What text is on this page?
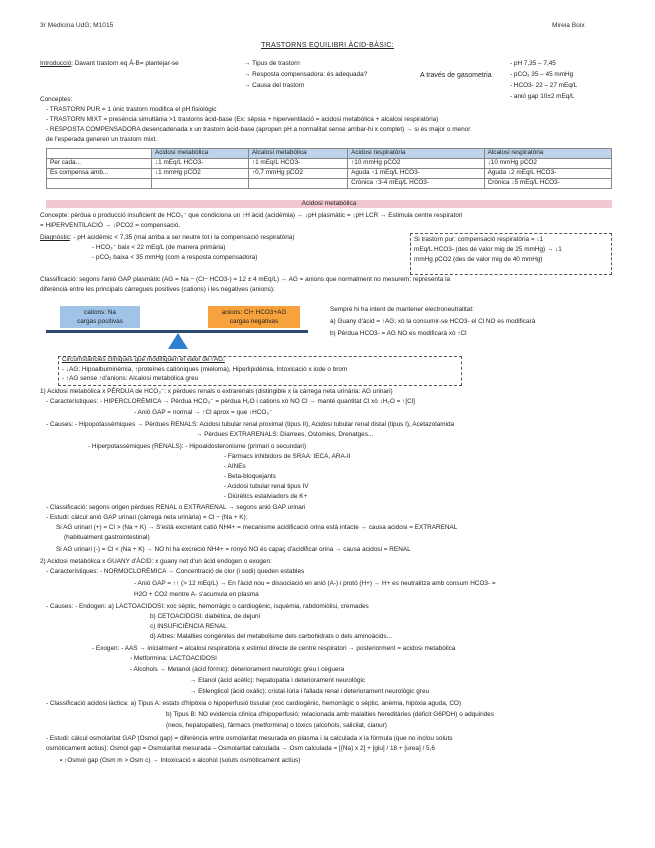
3r Medicina UdG; M1015	Mireia Boix
TRASTORNS EQUILIBRI ÀCID-BÀSIC:
Introducció: Davant trastorn eq Á-B= plantejar-se	→ Tipus de trastorn
→ Resposta compensadora: és adequada?
→ Causa del trastorn
A través de gasometria
- pH 7,35 – 7,45
- pCO₂ 35 – 45 mmHg
- HCO3- 22 – 27 mEq/L
- anió gap 10±2 mEq/L
Conceptes:
- TRASTORN PUR = 1 únic trastorn modifica el pH fisiològic
- TRASTORN MIXT = presència simultània >1 trastorns àcid-base (Ex: sèpsia + hiperventilació = acidosi metabòlica + alcalosi respiratòria)
- RESPOSTA COMPENSADORA desencadenada x un trastorn àcid-base (apropen pH a normalitat sense arribar-hi x complet) → si és major o menor
de l'esperada generen un trastorn mixt.
	Acidosi metabòlica	Alcalosi metabòlica	Acidosi respiratòria	Alcalosi respiratòria
Per cada...	↓1 mEq/L HCO3-	↑1 mEq/L HCO3-	↑10 mmHg pCO2	↓10 mmHg pCO2
Es compensa amb...	↓1 mmHg pCO2	↑0,7 mmHg pCO2	Aguda ↑1 mEq/L HCO3-	Aguda ↓2 mEq/L HCO3-
			Crònica ↑3-4 mEq/L HCO3-	Crònica ↓5 mEq/L HCO3-
Acidosi metabòlica
Concepte: pèrdua o producció insuficient de HCO₃⁻ que condiciona un ↑H àcid (acidèmia) → ↓pH plasmàtic = ↓pH LCR → Estimula centre respiratori
= HIPERVENTILACIÓ → ↓PCO2 = compensació.
Diagnòstic: - pH acidèmic < 7,35 (mai arriba a ser neutre tot i la compensació respiratòria)
- HCO₃⁻ baix < 22 mEq/L (de manera primària)
- pCO₂ baixa < 35 mmHg (com a resposta compensadora)
Si trastorn pur: compensació respiratòria = ↓1
mEq/L HCO3- (des de valor mig de 25 mmHg) → ↓1
mmHg pCO2 (des de valor mig de 40 mmHg)
Classificació: segons l'anió GAP plasmàtic (AG = Na − (Cl− HCO3-) = 12 ± 4 mEq/L) → AG = anions que normalment no mesurem; representa la
diferència entre les principals càrregues positives (cations) i les negatives (anions):
cations: Na
cargas positivas
anions: Cl+ HCO3+AG
cargas negativas
Sempre hi ha intent de mantener electroneutralitat:
a) Guany d'àcid = ↑AG; xò la consumir-se HCO3- el Cl NO es modificarà
b) Pèrdua HCO3- = AG NO es modificarà xò ↑Cl
Circumstàncies clíniques que modifiquen el valor de l'AG:
- ↓AG: Hipoalbuminèmia, ↑proteïnes catiòniques (mieloma), Hiperlipidèmia, Intoxicació x iode o brom
- ↑AG sense ↑d'anions: Alcalosi metabòlica greu
1) Acidosi metabòlica x PÈRDUA de HCO₃⁻: x pèrdues renals o extrarenals (distingible x la càrrega neta urinària: AG urinari)
- Característiques: - HIPERCLORÈMICA → Pèrdua HCO₃⁻ = pèrdua H₂O i cations xò NO Cl → manté quantitat Cl xò ↓H₂O = ↑[Cl]
- Anió GAP = normal → ↑Cl aprox = que ↓HCO₃⁻
- Causes: - Hipopotassèmiques → Pèrdues RENALS: Acidosi tubular renal proximal (tipus II), Acidosi tubular renal distal (tipus I), Acetazolamida
→ Pèrdues EXTRARENALS: Diarrees, Ostomies, Drenatges...
- Hiperpotassèmiques (RENALS): - Hipoaldosteronisme (primari o secundari)
- Fàrmacs inhibidors de SRAA: IECA, ARA-II
- AINEs
- Beta-bloquejants
- Acidosi tubular renal tipus IV
- Diürètics estalviadors de K+
- Classificació: segons origen pèrdues RENAL o EXTRARENAL → segons anió GAP urinari
- Estudi: càlcul anió GAP urinari (càrrega neta urinària) = Cl − (Na + K):
Si AG urinari (+) = Cl > (Na + K) → S'està excretant catió NH4+ = mecanisme acidificació orina està intacte → causa acidosi = EXTRARENAL
(habitualment gastrointestinal)
Si AG urinari (-) = Cl < (Na + K) → NO hi ha excreció NH4+ = ronyó NO és capaç d'acidificar orina → causa acidosi = RENAL
2) Acidosi metabòlica x GUANY d'ÀCID: x guany net d'un àcid endogen o exogen:
- Característiques: - NORMOCLORÈMICA → Concentració de clor (i sodi) queden estables
- Anió GAP = ↑↑ (> 12 mEq/L) → En l'àcid nou = dissociació en anió (A-) i protó (H+) → H+ es neutralitza amb consum HCO3- =
H2O + CO2 mentre A- s'acumula en plasma
- Causes: - Endogen: a) LACTOACIDOSI: xoc sèptic, hemorràgic o cardiogènic, isquèmia, rabdomiòlisi, cremades
b) CETOACIDOSI: diabètica, de dejuni
c) INSUFICIÈNCIA RENAL
d) Altres: Malalties congènites del metabolisme dels carbohidrats o dels aminoàcids...
- Exogen: - AAS → inicialment = alcalosi respiratòria x estimul directe de centre respiratori → posteriorment = acidosi metabòlica
- Metformina: LACTOACIDOSI
- Alcohols → Metanol (àcid fòrmic): deteriorament neurològic greu i ceguera
→ Etanol (àcid acètic): hepatopatia i deteriorament neurològic
→ Etilenglicol (àcid oxàlic): cristal·lúria i fallada renal i deteriorament neurològic greu
- Classificació acidosi làctica: a) Tipus A: estats d'hipòxia o hipoperfusió tissular (xoc cardiogènic, hemorràgic o sèptic, anèmia, hipòxia aguda, CO)
b) Tipus B: NO evidència clínica d'hipoperfusió; relacionada amb malalties hereditàries (dèficit G6PDH) o adquirides
(neos, hepatopaties), fàrmacs (metformina) o tòxics (alcohols, salicilat, cianur)
- Estudi: càlcul osmolaritat GAP (Osmol gap) = diferència entre osmolaritat mesurada en plasma i la calculada x la fórmula (que no inclou soluts
osmòticament actius): Osmol gap = Osmolaritat mesurada – Osmolaritat calculada → Osm calculada = [(Na) x 2] + [glu] / 18 + [urea] / 5,6
▪ ↑Osmol gap (Osm m > Osm c) → Intoxicació x alcohol (soluts osmòticament actius)
